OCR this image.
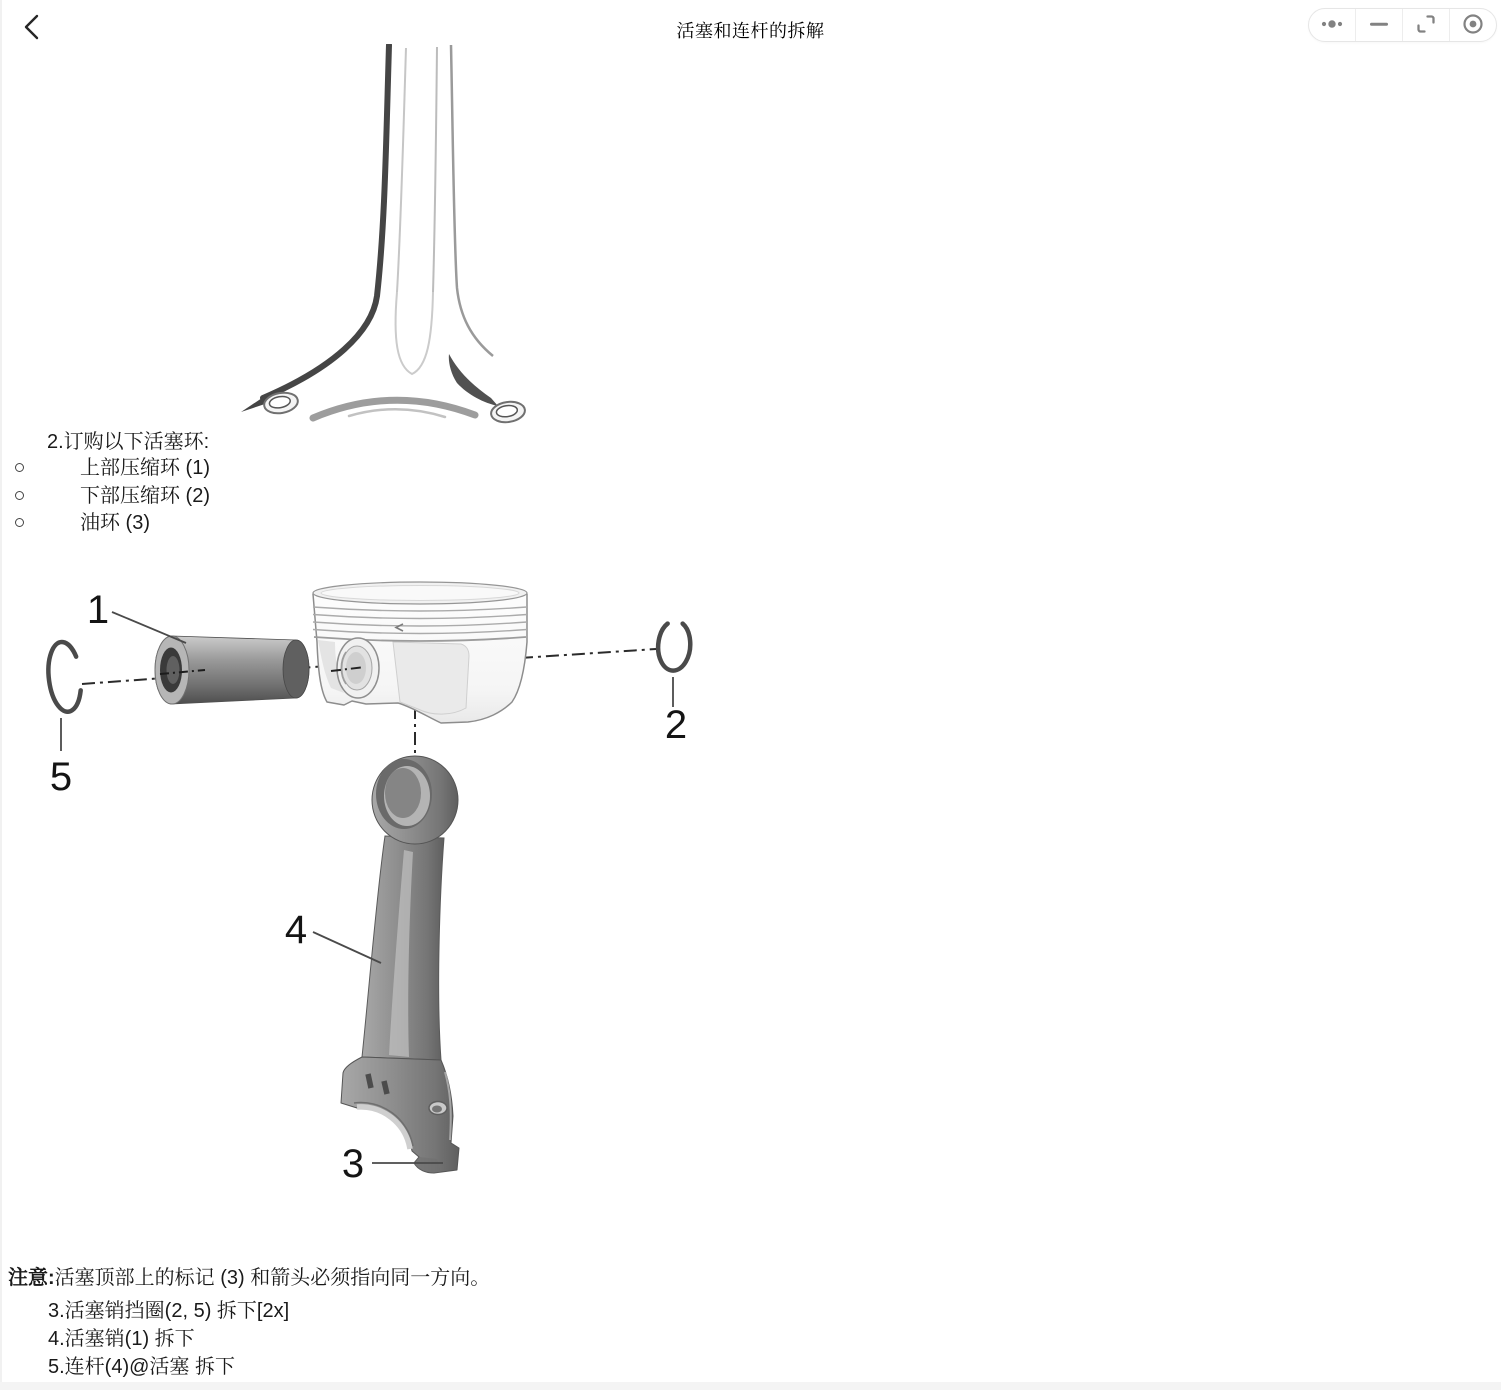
活塞和连杆的拆解
2.订购以下活塞环:
上部压缩环 (1)
下部压缩环 (2)
油环 (3)
1
2
3
4
5
注意:活塞顶部上的标记 (3) 和箭头必须指向同一方向。
3.活塞销挡圈(2, 5) 拆下[2x]
4.活塞销(1) 拆下
5.连杆(4)@活塞 拆下
